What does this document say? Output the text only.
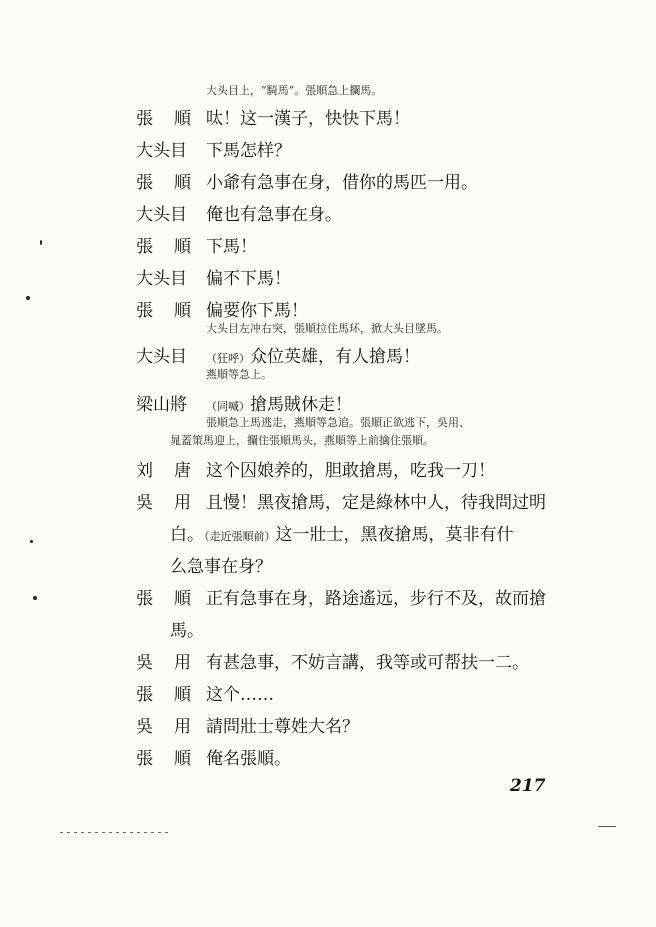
大头目上，“騎馬”。張順急上攔馬。
張　順 呔！这一漢子，快快下馬！
大头目	下馬怎样？
張　順 小爺有急事在身，借你的馬匹一用。
大头目	俺也有急事在身。
張　順 下馬！
大头目	偏不下馬！
張　順 偏要你下馬！
大头目左冲右突，張順拉住馬环，掀大头目墜馬。
大头目	（狂呼）众位英雄，有人搶馬！
燕順等急上。
梁山將	（同喊）搶馬賊休走！
張順急上馬逃走，燕順等急追。張順正欲逃下，吳用、
晁蓋策馬迎上，攔住張順馬头，燕順等上前擒住張順。
刘　唐 这个囚娘养的，胆敢搶馬，吃我一刀！
吳　用 且慢！黑夜搶馬，定是綠林中人，待我問过明
白。（走近張順前）这一壯士，黑夜搶馬，莫非有什
么急事在身？
張　順 正有急事在身，路途遙远，步行不及，故而搶
馬。
吳　用 有甚急事，不妨言講，我等或可帮扶一二。
張　順 这个……
吳　用 請問壯士尊姓大名？
張　順 俺名張順。
217
